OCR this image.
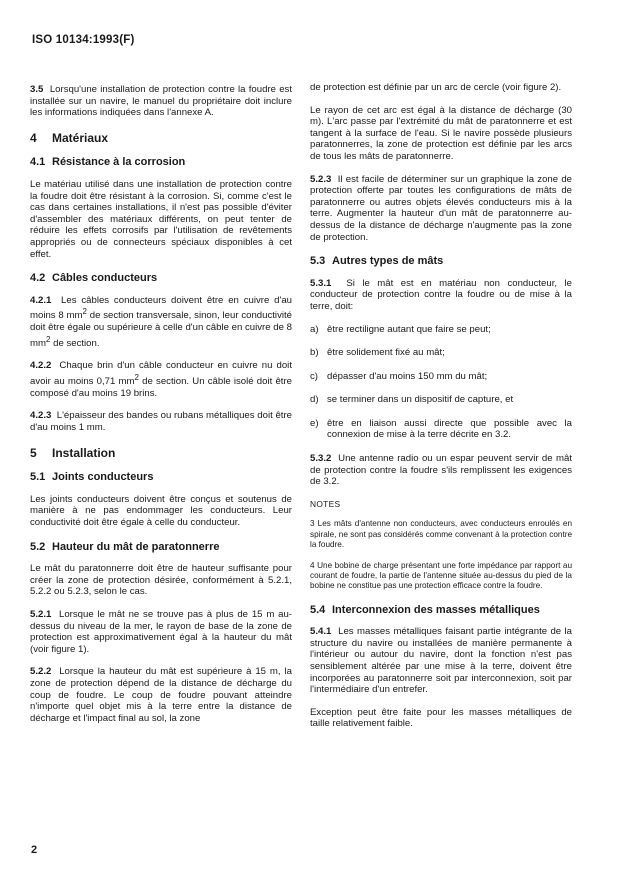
ISO 10134:1993(F)

3.5 Lorsqu'une installation de protection contre la foudre est installée sur un navire, le manuel du propriétaire doit inclure les informations indiquées dans l'annexe A.

4 Matériaux
4.1 Résistance à la corrosion

Le matériau utilisé dans une installation de protection contre la foudre doit être résistant à la corrosion. Si, comme c'est le cas dans certaines installations, il n'est pas possible d'éviter d'assembler des matériaux différents, on peut tenter de réduire les effets corrosifs par l'utilisation de revêtements appropriés ou de connecteurs spéciaux disponibles à cet effet.

4.2 Câbles conducteurs

4.2.1 Les câbles conducteurs doivent être en cuivre d'au moins 8 $mm^2$ de section transversale, sinon, leur conductivité doit être égale ou supérieure à celle d'un câble en cuivre de 8 $mm^2$ de section.

4.2.2 Chaque brin d'un câble conducteur en cuivre nu doit avoir au moins 0,71 $mm^2$ de section. Un câble isolé doit être composé d'au moins 19 brins.

4.2.3 L'épaisseur des bandes ou rubans métalliques doit être d'au moins 1 mm.

5 Installation
5.1 Joints conducteurs

Les joints conducteurs doivent être conçus et soutenus de manière à ne pas endommager les conducteurs. Leur conductivité doit être égale à celle du conducteur.

5.2 Hauteur du mât de paratonnerre

Le mât du paratonnerre doit être de hauteur suffisante pour créer la zone de protection désirée, conformément à 5.2.1, 5.2.2 ou 5.2.3, selon le cas.

5.2.1 Lorsque le mât ne se trouve pas à plus de 15 m au-dessus du niveau de la mer, le rayon de base de la zone de protection est approximativement égal à la hauteur du mât (voir figure 1).

5.2.2 Lorsque la hauteur du mât est supérieure à 15 m, la zone de protection dépend de la distance de décharge du coup de foudre. Le coup de foudre pouvant atteindre n'importe quel objet mis à la terre entre la distance de décharge et l'impact final au sol, la zone

de protection est définie par un arc de cercle (voir figure 2).

Le rayon de cet arc est égal à la distance de décharge (30 m). L'arc passe par l'extrémité du mât de paratonnerre et est tangent à la surface de l'eau. Si le navire possède plusieurs paratonnerres, la zone de protection est définie par les arcs de tous les mâts de paratonnerre.

5.2.3 Il est facile de déterminer sur un graphique la zone de protection offerte par toutes les configurations de mâts de paratonnerre ou autres objets élevés conducteurs mis à la terre. Augmenter la hauteur d'un mât de paratonnerre au-dessus de la distance de décharge n'augmente pas la zone de protection.

5.3 Autres types de mâts

5.3.1 Si le mât est en matériau non conducteur, le conducteur de protection contre la foudre ou de mise à la terre, doit:

a) être rectiligne autant que faire se peut;
b) être solidement fixé au mât;
c) dépasser d'au moins 150 mm du mât;
d) se terminer dans un dispositif de capture, et
e) être en liaison aussi directe que possible avec la connexion de mise à la terre décrite en 3.2.

5.3.2 Une antenne radio ou un espar peuvent servir de mât de protection contre la foudre s'ils remplissent les exigences de 3.2.

NOTES

3 Les mâts d'antenne non conducteurs, avec conducteurs enroulés en spirale, ne sont pas considérés comme convenant à la protection contre la foudre.

4 Une bobine de charge présentant une forte impédance par rapport au courant de foudre, la partie de l'antenne située au-dessus du pied de la bobine ne constitue pas une protection efficace contre la foudre.

5.4 Interconnexion des masses métalliques

5.4.1 Les masses métalliques faisant partie intégrante de la structure du navire ou installées de manière permanente à l'intérieur ou autour du navire, dont la fonction n'est pas sensiblement altérée par une mise à la terre, doivent être incorporées au paratonnerre soit par interconnexion, soit par l'intermédiaire d'un entrefer.

Exception peut être faite pour les masses métalliques de taille relativement faible.

2
